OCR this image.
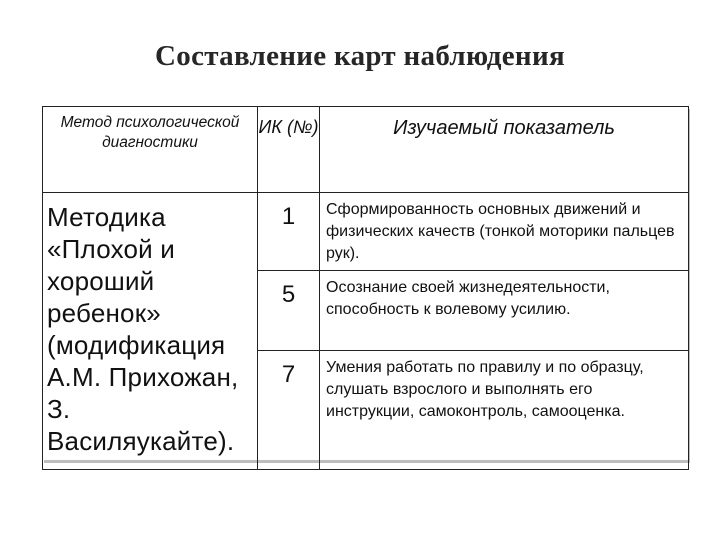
Составление карт наблюдения
Метод психологической диагностики	ИК (№)	Изучаемый показатель
Методика «Плохой и хороший ребенок» (модификация А.М. Прихожан, З. Василяукайте).	1	Сформированность основных движений и физических качеств (тонкой моторики пальцев рук).
	5	Осознание своей жизнедеятельности, способность к волевому усилию.
	7	Умения работать по правилу и по образцу, слушать взрослого и выполнять его инструкции, самоконтроль, самооценка.
